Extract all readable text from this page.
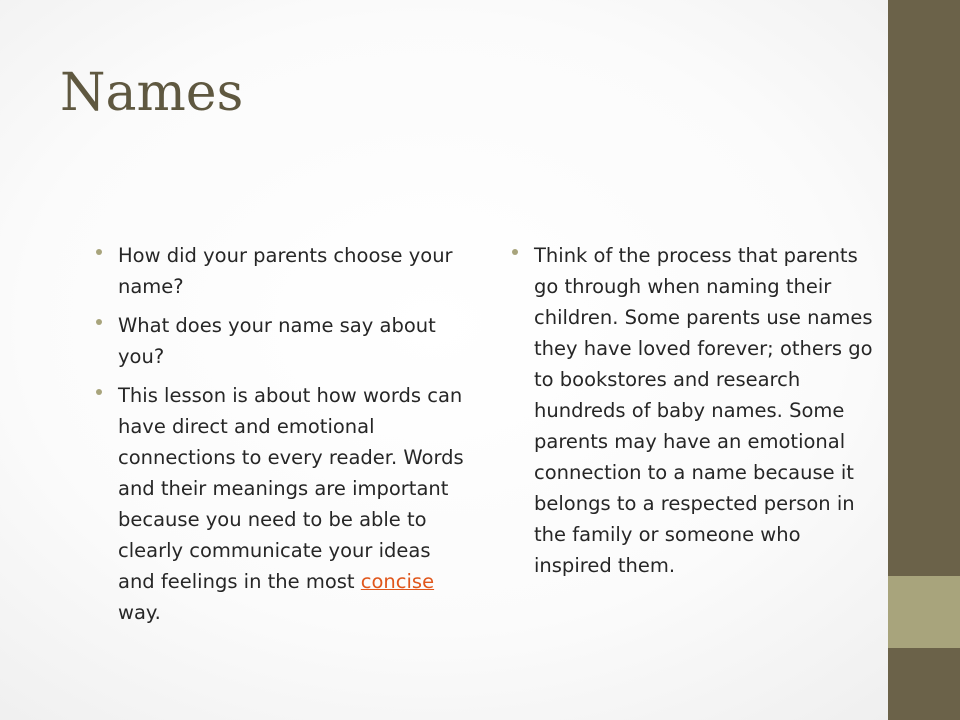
Names
How did your parents choose your name?
What does your name say about you?
This lesson is about how words can have direct and emotional connections to every reader. Words and their meanings are important because you need to be able to clearly communicate your ideas and feelings in the most concise way.
Think of the process that parents go through when naming their children. Some parents use names they have loved forever; others go to bookstores and research hundreds of baby names. Some parents may have an emotional connection to a name because it belongs to a respected person in the family or someone who inspired them.
